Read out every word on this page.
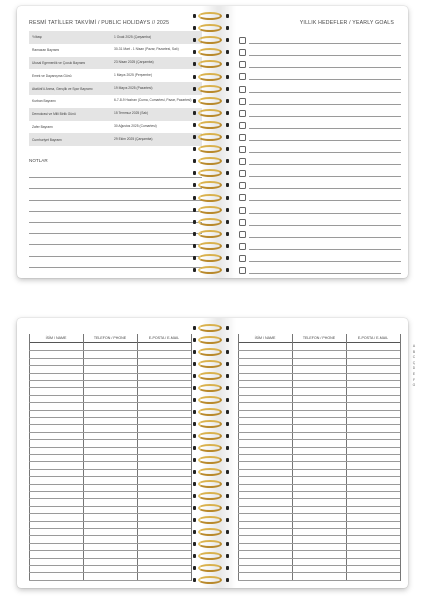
RESMİ TATİLLER TAKVİMİ / PUBLIC HOLIDAYS // 2025
Yılbaşı	1 Ocak 2025 (Çarşamba)
Ramazan Bayramı	30-31 Mart - 1 Nisan (Pazar, Pazartesi, Salı)
Ulusal Egemenlik ve Çocuk Bayramı	23 Nisan 2025 (Çarşamba)
Emek ve Dayanışma Günü	1 Mayıs 2025 (Perşembe)
Atatürk'ü Anma, Gençlik ve Spor Bayramı	19 Mayıs 2025 (Pazartesi)
Kurban Bayramı	6-7-8-9 Haziran (Cuma, Cumartesi, Pazar, Pazartesi)
Demokrasi ve Milli Birlik Günü	15 Temmuz 2025 (Salı)
Zafer Bayramı	30 Ağustos 2025 (Cumartesi)
Cumhuriyet Bayramı	29 Ekim 2025 (Çarşamba)
NOTLAR
YILLIK HEDEFLER / YEARLY GOALS
İSİM / NAME	TELEFON / PHONE	E-POSTA / E-MAIL	İSİM / NAME	TELEFON / PHONE	E-POSTA / E-MAIL
A
B
C
Ç
D
E
F
G
